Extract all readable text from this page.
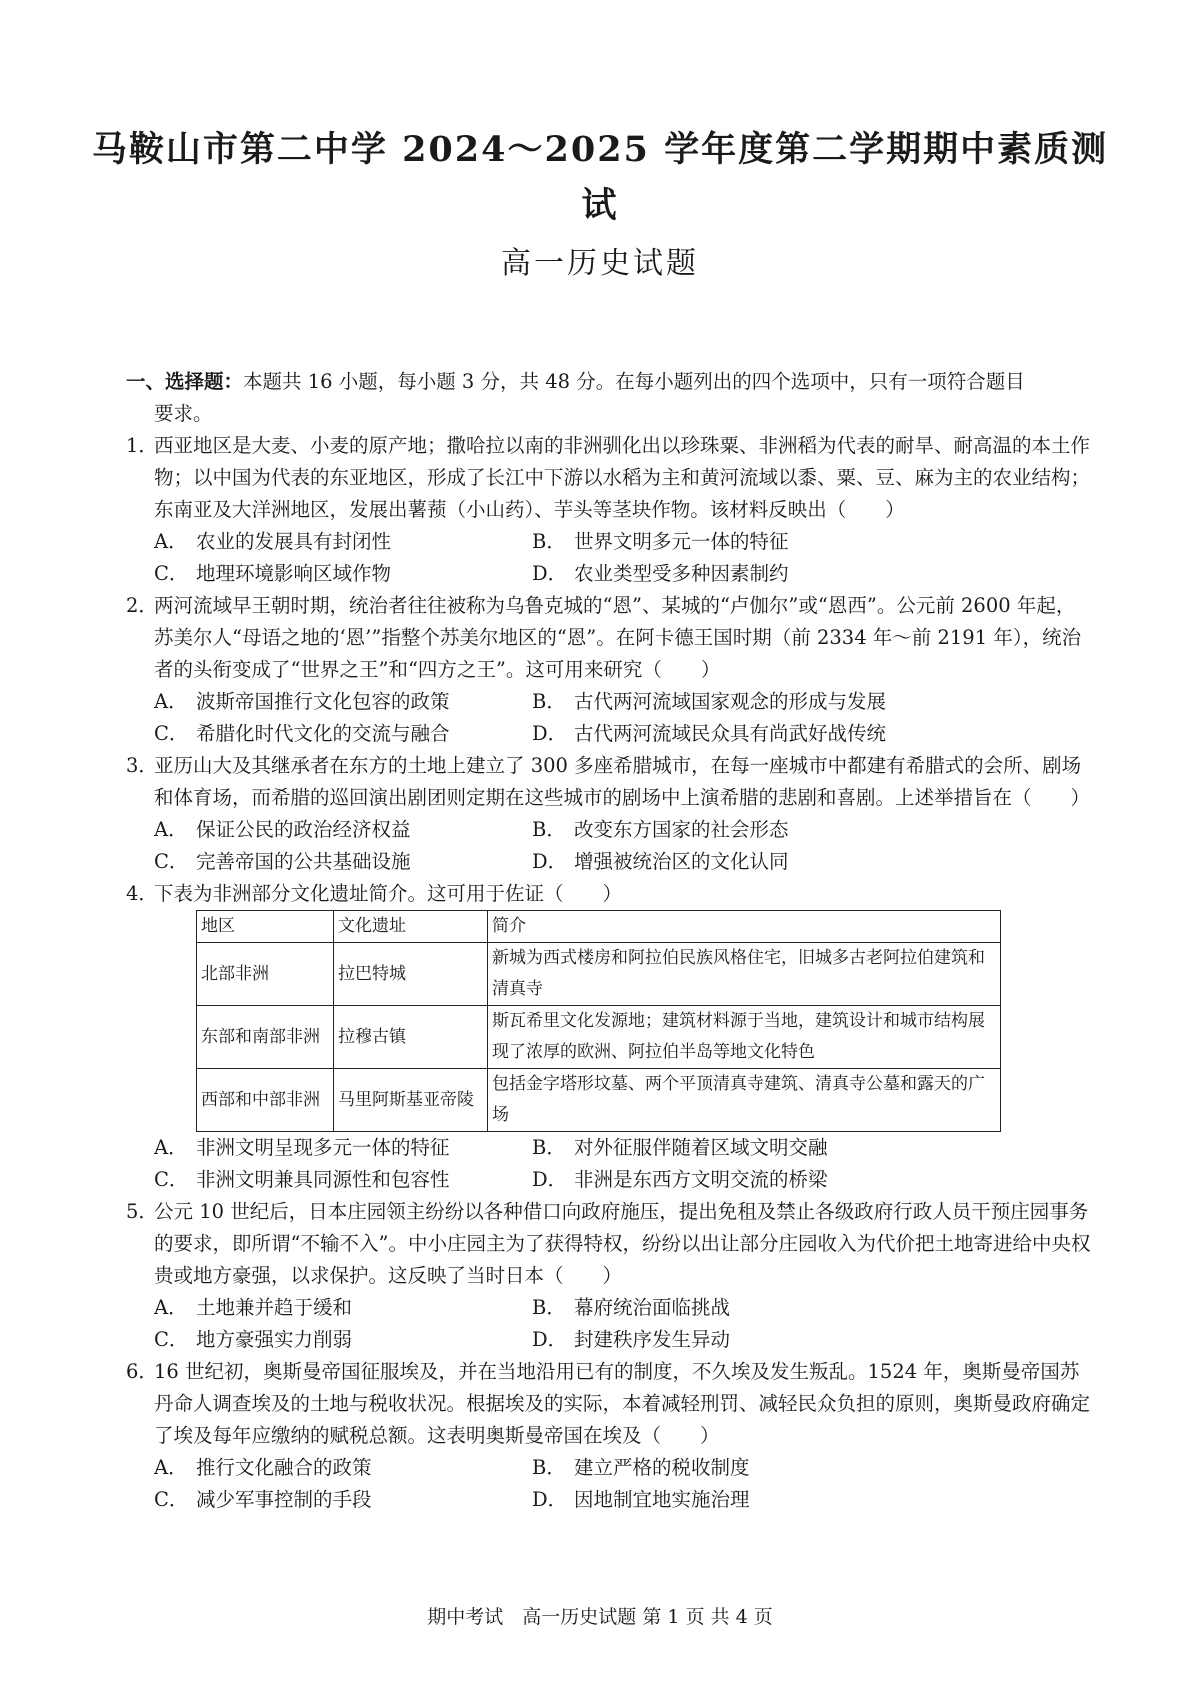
马鞍山市第二中学 2024～2025 学年度第二学期期中素质测
试
高一历史试题
一、选择题：本题共 16 小题，每小题 3 分，共 48 分。在每小题列出的四个选项中，只有一项符合题目
要求。
1．
西亚地区是大麦、小麦的原产地；撒哈拉以南的非洲驯化出以珍珠粟、非洲稻为代表的耐旱、耐高温的本土作物；以中国为代表的东亚地区，形成了长江中下游以水稻为主和黄河流域以黍、粟、豆、麻为主的农业结构；东南亚及大洋洲地区，发展出薯蓣（小山药）、芋头等茎块作物。该材料反映出（　　）
A． 农业的发展具有封闭性	B． 世界文明多元一体的特征
C． 地理环境影响区域作物	D． 农业类型受多种因素制约
2．
两河流域早王朝时期，统治者往往被称为乌鲁克城的“恩”、某城的“卢伽尔”或“恩西”。公元前 2600 年起，苏美尔人“母语之地的‘恩’”指整个苏美尔地区的“恩”。在阿卡德王国时期（前 2334 年～前 2191 年），统治者的头衔变成了“世界之王”和“四方之王”。这可用来研究（　　）
A． 波斯帝国推行文化包容的政策	B． 古代两河流域国家观念的形成与发展
C． 希腊化时代文化的交流与融合	D． 古代两河流域民众具有尚武好战传统
3．
亚历山大及其继承者在东方的土地上建立了 300 多座希腊城市，在每一座城市中都建有希腊式的会所、剧场和体育场，而希腊的巡回演出剧团则定期在这些城市的剧场中上演希腊的悲剧和喜剧。上述举措旨在（　　）
A． 保证公民的政治经济权益	B． 改变东方国家的社会形态
C． 完善帝国的公共基础设施	D． 增强被统治区的文化认同
4．
下表为非洲部分文化遗址简介。这可用于佐证（　　）
地区	文化遗址	简介
北部非洲	拉巴特城	新城为西式楼房和阿拉伯民族风格住宅，旧城多古老阿拉伯建筑和清真寺
东部和南部非洲	拉穆古镇	斯瓦希里文化发源地；建筑材料源于当地，建筑设计和城市结构展现了浓厚的欧洲、阿拉伯半岛等地文化特色
西部和中部非洲	马里阿斯基亚帝陵	包括金字塔形坟墓、两个平顶清真寺建筑、清真寺公墓和露天的广场
A． 非洲文明呈现多元一体的特征	B． 对外征服伴随着区域文明交融
C． 非洲文明兼具同源性和包容性	D． 非洲是东西方文明交流的桥梁
5．
公元 10 世纪后，日本庄园领主纷纷以各种借口向政府施压，提出免租及禁止各级政府行政人员干预庄园事务的要求，即所谓“不输不入”。中小庄园主为了获得特权，纷纷以出让部分庄园收入为代价把土地寄进给中央权贵或地方豪强，以求保护。这反映了当时日本（　　）
A． 土地兼并趋于缓和	B． 幕府统治面临挑战
C． 地方豪强实力削弱	D． 封建秩序发生异动
6．
16 世纪初，奥斯曼帝国征服埃及，并在当地沿用已有的制度，不久埃及发生叛乱。1524 年，奥斯曼帝国苏丹命人调查埃及的土地与税收状况。根据埃及的实际，本着减轻刑罚、减轻民众负担的原则，奥斯曼政府确定了埃及每年应缴纳的赋税总额。这表明奥斯曼帝国在埃及（　　）
A． 推行文化融合的政策	B． 建立严格的税收制度
C． 减少军事控制的手段	D． 因地制宜地实施治理
期中考试　高一历史试题 第 1 页 共 4 页
